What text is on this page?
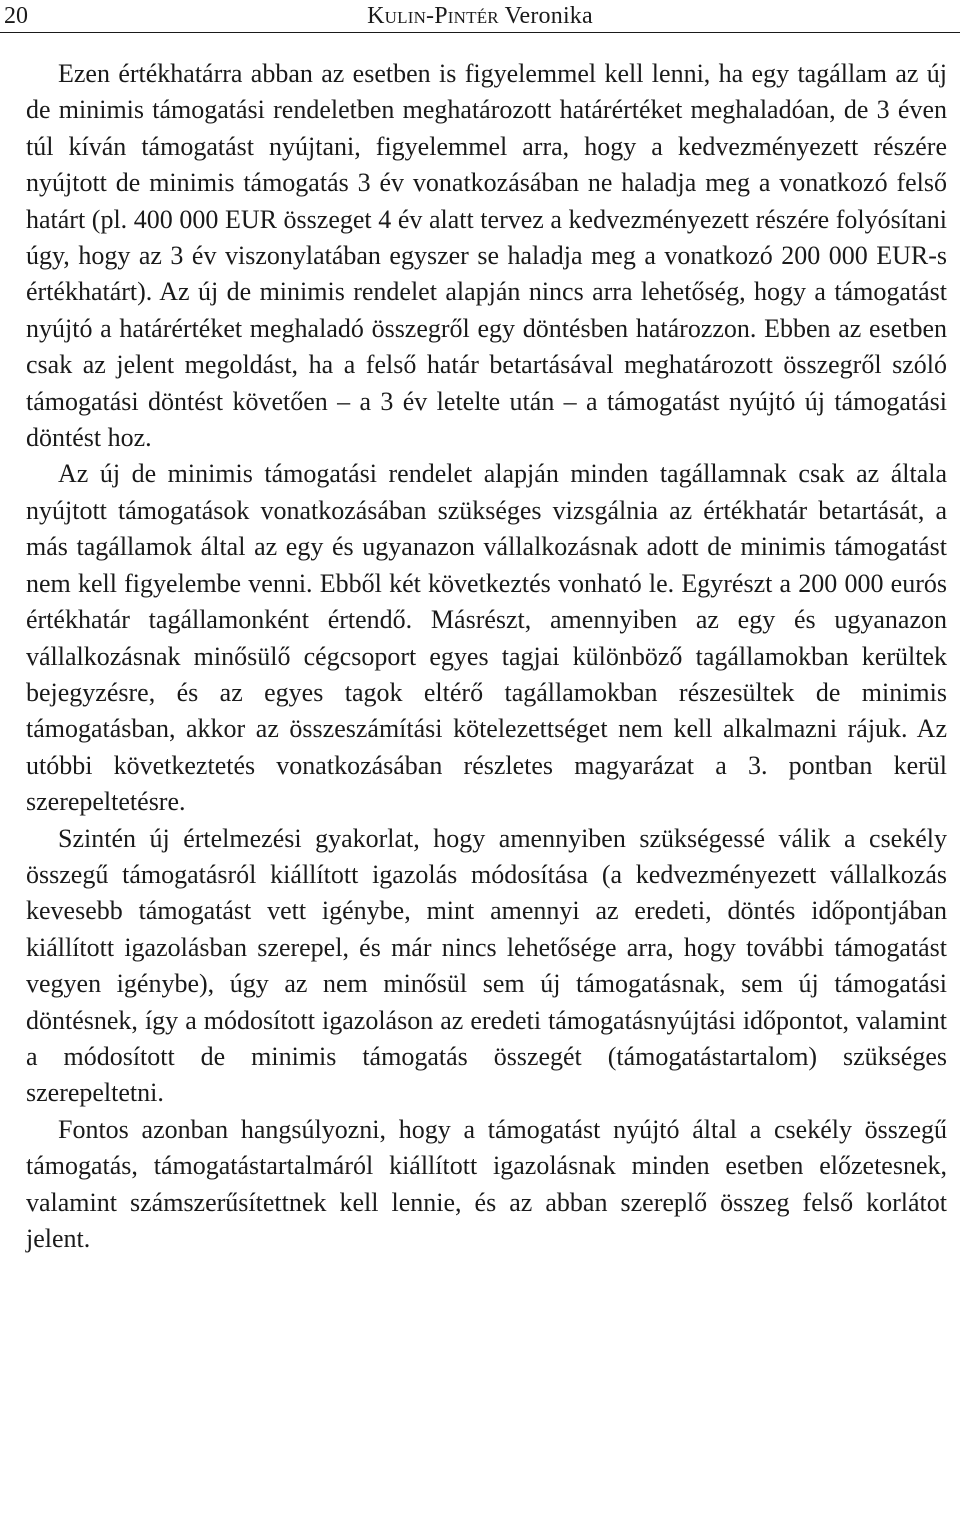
20	Kulin-Pintér Veronika

Ezen értékhatárra abban az esetben is figyelemmel kell lenni, ha egy tagállam az új de minimis támogatási rendeletben meghatározott határértéket meghaladóan, de 3 éven túl kíván támogatást nyújtani, figyelemmel arra, hogy a kedvezményezett részére nyújtott de minimis támogatás 3 év vonatkozásában ne haladja meg a vonatkozó felső határt (pl. 400 000 EUR összeget 4 év alatt tervez a kedvezményezett részére folyósítani úgy, hogy az 3 év viszonylatában egyszer se haladja meg a vonatkozó 200 000 EUR-s értékhatárt). Az új de minimis rendelet alapján nincs arra lehetőség, hogy a támogatást nyújtó a határértéket meghaladó összegről egy döntésben határozzon. Ebben az esetben csak az jelent megoldást, ha a felső határ betartásával meghatározott összegről szóló támogatási döntést követően – a 3 év letelte után – a támogatást nyújtó új támogatási döntést hoz.

Az új de minimis támogatási rendelet alapján minden tagállamnak csak az általa nyújtott támogatások vonatkozásában szükséges vizsgálnia az értékhatár betartását, a más tagállamok által az egy és ugyanazon vállalkozásnak adott de minimis támogatást nem kell figyelembe venni. Ebből két következtés vonható le. Egyrészt a 200 000 eurós értékhatár tagállamonként értendő. Másrészt, amennyiben az egy és ugyanazon vállalkozásnak minősülő cégcsoport egyes tagjai különböző tagállamokban kerültek bejegyzésre, és az egyes tagok eltérő tagállamokban részesültek de minimis támogatásban, akkor az összeszámítási kötelezettséget nem kell alkalmazni rájuk. Az utóbbi következtetés vonatkozásában részletes magyarázat a 3. pontban kerül szerepeltetésre.

Szintén új értelmezési gyakorlat, hogy amennyiben szükségessé válik a csekély összegű támogatásról kiállított igazolás módosítása (a kedvezményezett vállalkozás kevesebb támogatást vett igénybe, mint amennyi az eredeti, döntés időpontjában kiállított igazolásban szerepel, és már nincs lehetősége arra, hogy további támogatást vegyen igénybe), úgy az nem minősül sem új támogatásnak, sem új támogatási döntésnek, így a módosított igazoláson az eredeti támogatásnyújtási időpontot, valamint a módosított de minimis támogatás összegét (támogatástartalom) szükséges szerepeltetni.

Fontos azonban hangsúlyozni, hogy a támogatást nyújtó által a csekély összegű támogatás, támogatástartalmáról kiállított igazolásnak minden esetben előzetesnek, valamint számszerűsítettnek kell lennie, és az abban szereplő összeg felső korlátot jelent.
